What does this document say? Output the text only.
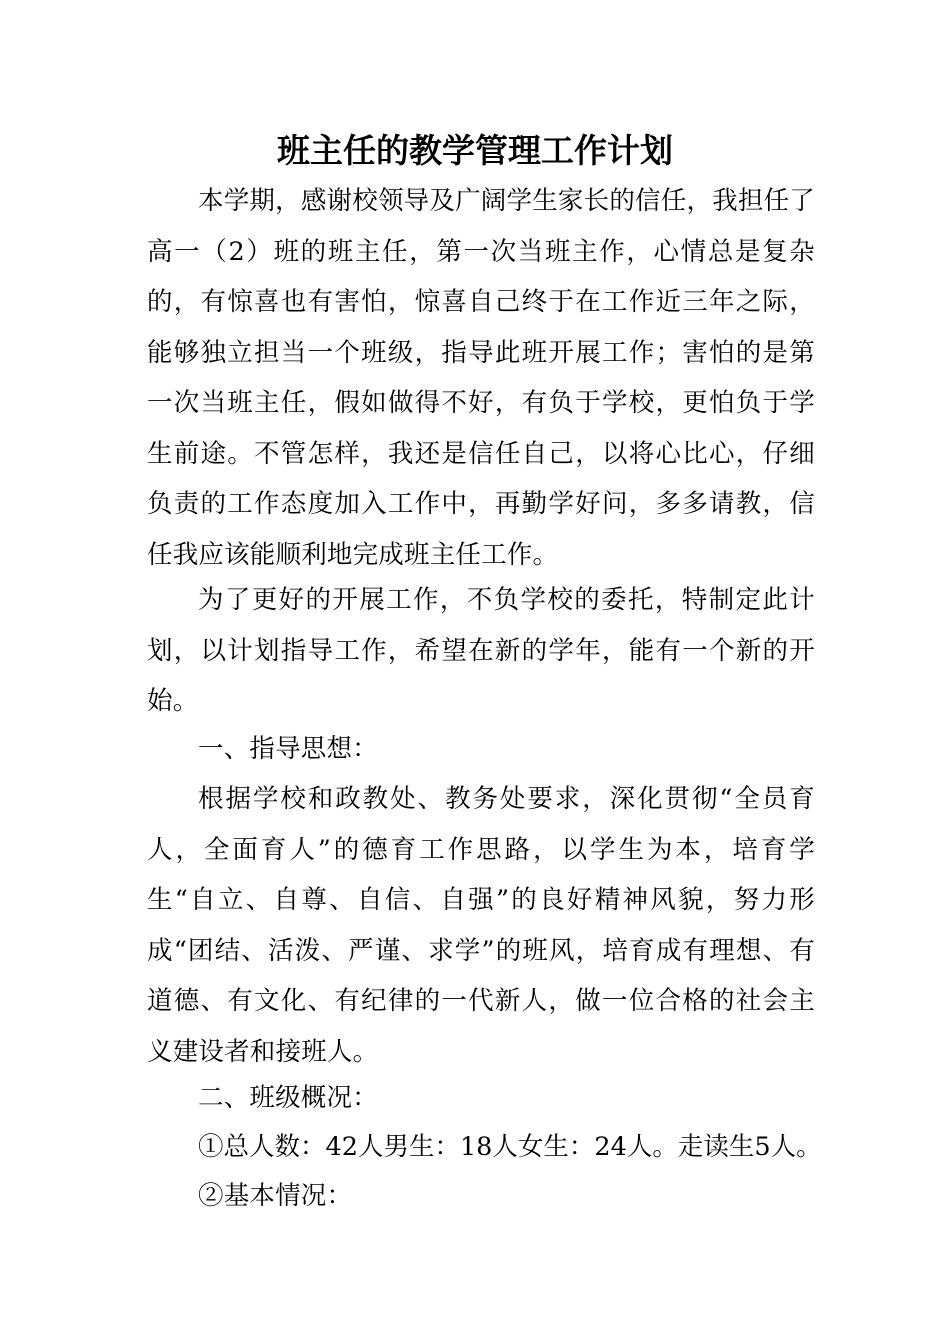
班主任的教学管理工作计划

本学期，感谢校领导及广阔学生家长的信任，我担任了高一（2）班的班主任，第一次当班主作，心情总是复杂的，有惊喜也有害怕，惊喜自己终于在工作近三年之际，能够独立担当一个班级，指导此班开展工作；害怕的是第一次当班主任，假如做得不好，有负于学校，更怕负于学生前途。不管怎样，我还是信任自己，以将心比心，仔细负责的工作态度加入工作中，再勤学好问，多多请教，信任我应该能顺利地完成班主任工作。

为了更好的开展工作，不负学校的委托，特制定此计划，以计划指导工作，希望在新的学年，能有一个新的开始。

一、指导思想：

根据学校和政教处、教务处要求，深化贯彻“全员育人，全面育人”的德育工作思路，以学生为本，培育学生“自立、自尊、自信、自强”的良好精神风貌，努力形成“团结、活泼、严谨、求学”的班风，培育成有理想、有道德、有文化、有纪律的一代新人，做一位合格的社会主义建设者和接班人。

二、班级概况：

①总人数：42人男生：18人女生：24人。走读生5人。

②基本情况：
